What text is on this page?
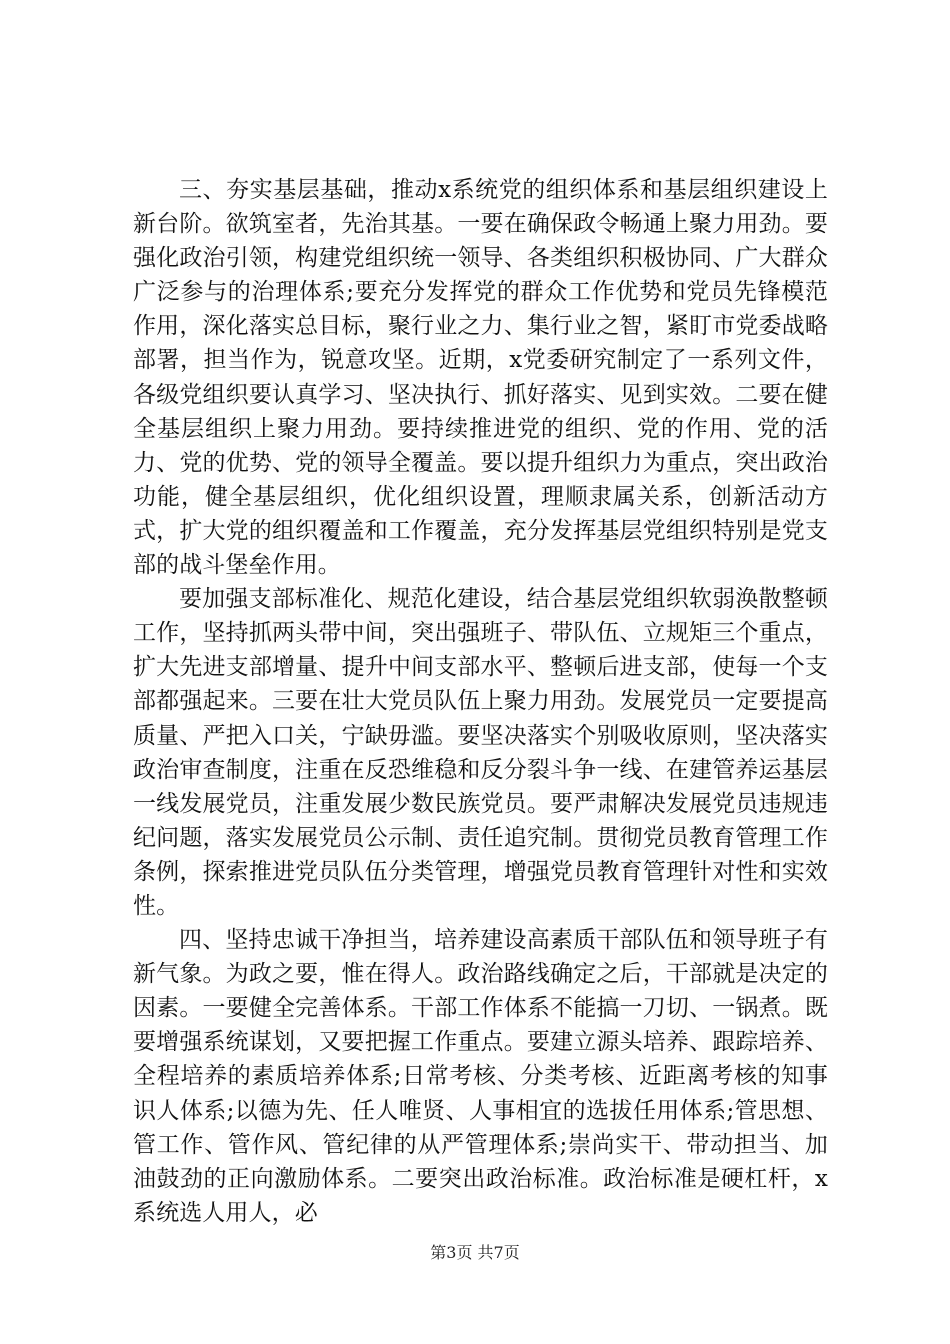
三、夯实基层基础，推动x系统党的组织体系和基层组织建设上新台阶。欲筑室者，先治其基。一要在确保政令畅通上聚力用劲。要强化政治引领，构建党组织统一领导、各类组织积极协同、广大群众广泛参与的治理体系;要充分发挥党的群众工作优势和党员先锋模范作用，深化落实总目标，聚行业之力、集行业之智，紧盯市党委战略部署，担当作为，锐意攻坚。近期，x党委研究制定了一系列文件，各级党组织要认真学习、坚决执行、抓好落实、见到实效。二要在健全基层组织上聚力用劲。要持续推进党的组织、党的作用、党的活力、党的优势、党的领导全覆盖。要以提升组织力为重点，突出政治功能，健全基层组织，优化组织设置，理顺隶属关系，创新活动方式，扩大党的组织覆盖和工作覆盖，充分发挥基层党组织特别是党支部的战斗堡垒作用。

要加强支部标准化、规范化建设，结合基层党组织软弱涣散整顿工作，坚持抓两头带中间，突出强班子、带队伍、立规矩三个重点，扩大先进支部增量、提升中间支部水平、整顿后进支部，使每一个支部都强起来。三要在壮大党员队伍上聚力用劲。发展党员一定要提高质量、严把入口关，宁缺毋滥。要坚决落实个别吸收原则，坚决落实政治审查制度，注重在反恐维稳和反分裂斗争一线、在建管养运基层一线发展党员，注重发展少数民族党员。要严肃解决发展党员违规违纪问题，落实发展党员公示制、责任追究制。贯彻党员教育管理工作条例，探索推进党员队伍分类管理，增强党员教育管理针对性和实效性。

四、坚持忠诚干净担当，培养建设高素质干部队伍和领导班子有新气象。为政之要，惟在得人。政治路线确定之后，干部就是决定的因素。一要健全完善体系。干部工作体系不能搞一刀切、一锅煮。既要增强系统谋划，又要把握工作重点。要建立源头培养、跟踪培养、全程培养的素质培养体系;日常考核、分类考核、近距离考核的知事识人体系;以德为先、任人唯贤、人事相宜的选拔任用体系;管思想、管工作、管作风、管纪律的从严管理体系;崇尚实干、带动担当、加油鼓劲的正向激励体系。二要突出政治标准。政治标准是硬杠杆，x系统选人用人，必

第3页 共7页
